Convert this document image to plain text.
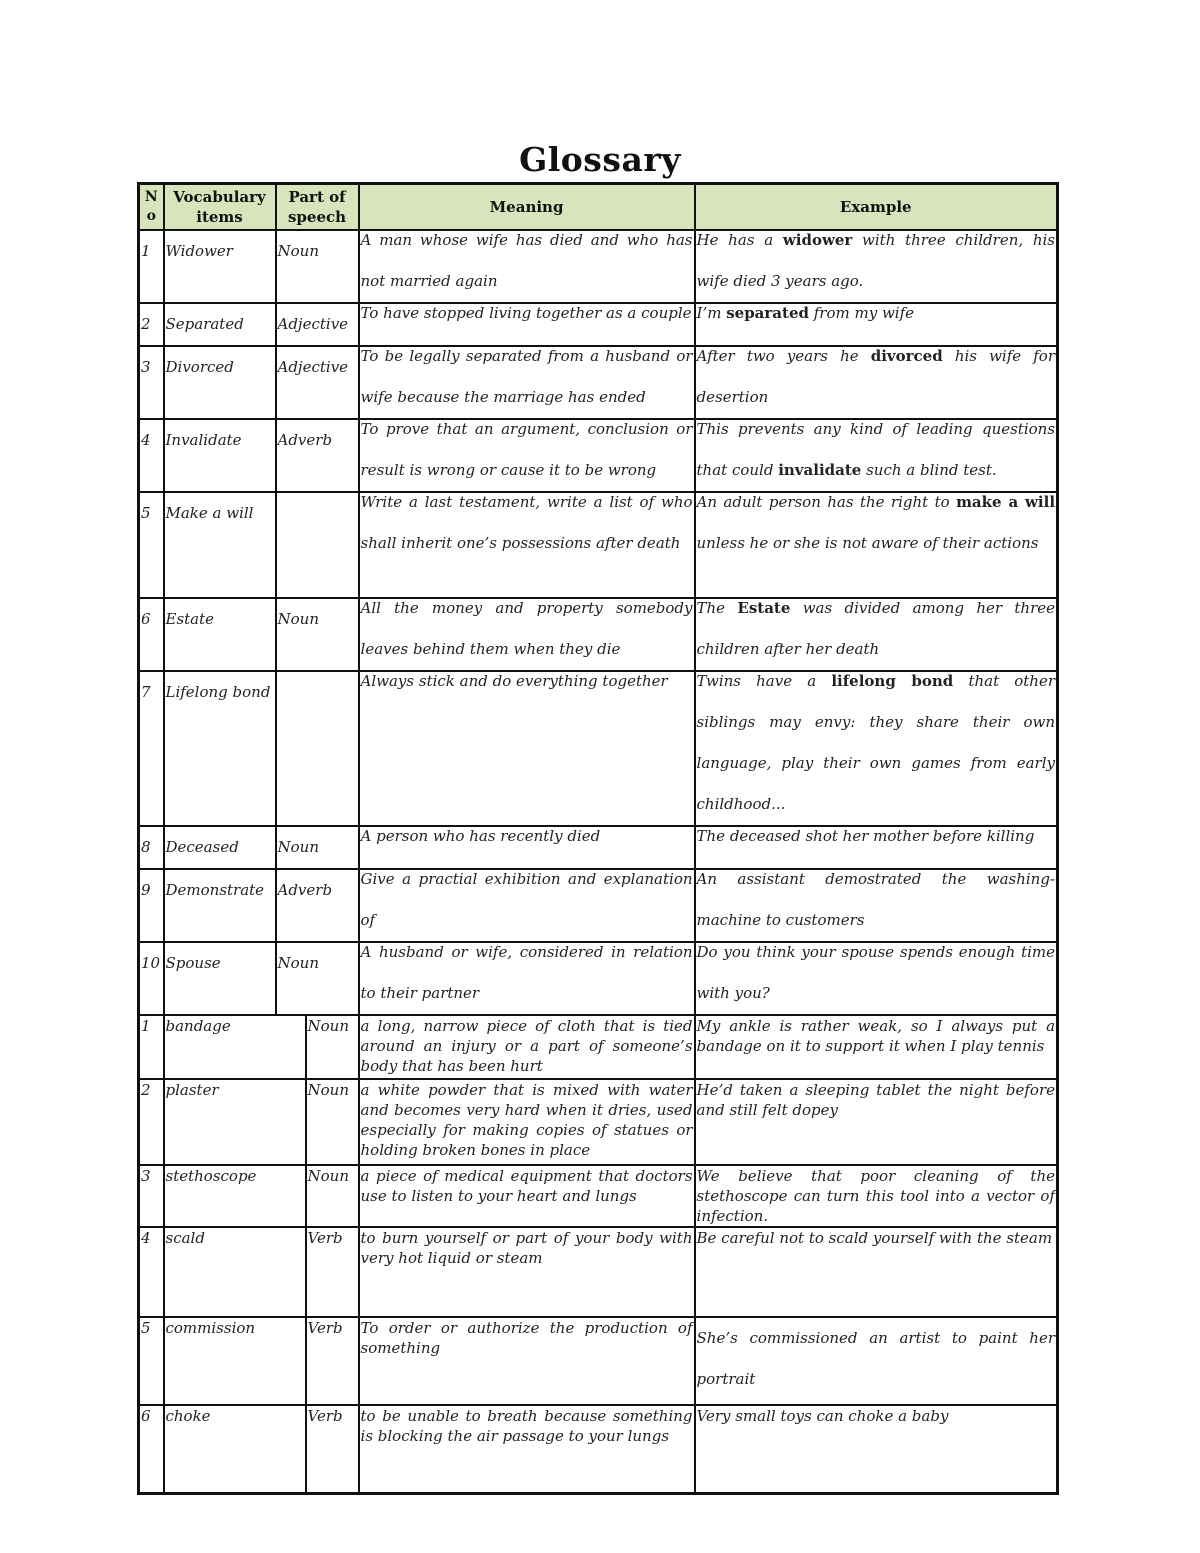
Glossary
N o	Vocabulary items	Part of speech		Meaning	Example
1	Widower	Noun		A man whose wife has died and who has not married again	He has a widower with three children, his wife died 3 years ago.

2	Separated	Adjective		To have stopped living together as a couple	I’m separated from my wife

3	Divorced	Adjective		To be legally separated from a husband or wife because the marriage has ended	After two years he divorced his wife for desertion

4	Invalidate	Adverb		To prove that an argument, conclusion or result is wrong or cause it to be wrong	This prevents any kind of leading questions that could invalidate such a blind test.

5	Make a will			Write a last testament, write a list of who shall inherit one’s possessions after death	An adult person has the right to make a will unless he or she is not aware of their actions

6	Estate	Noun		All the money and property somebody leaves behind them when they die	The Estate was divided among her three children after her death

7	Lifelong bond			Always stick and do everything together	Twins have a lifelong bond that other siblings may envy: they share their own language, play their own games from early childhood...

8	Deceased	Noun		A person who has recently died	The deceased shot her mother before killing

9	Demonstrate	Adverb		Give a practial exhibition and explanation of	An assistant demostrated the washing-machine to customers

10	Spouse	Noun		A husband or wife, considered in relation to their partner	Do you think your spouse spends enough time with you?

1	bandage		Noun	a long, narrow piece of cloth that is tied around an injury or a part of someone’s body that has been hurt	My ankle is rather weak, so I always put a bandage on it to support it when I play tennis
2	plaster		Noun	a white powder that is mixed with water and becomes very hard when it dries, used especially for making copies of statues or holding broken bones in place	He’d taken a sleeping tablet the night before and still felt dopey
3	stethoscope		Noun	a piece of medical equipment that doctors use to listen to your heart and lungs	We believe that poor cleaning of the stethoscope can turn this tool into a vector of infection.
4	scald		Verb	to burn yourself or part of your body with very hot liquid or steam	Be careful not to scald yourself with the steam
5	commission		Verb	To order or authorize the production of something	She’s commissioned an artist to paint her portrait
6	choke		Verb	to be unable to breath because something is blocking the air passage to your lungs	Very small toys can choke a baby
